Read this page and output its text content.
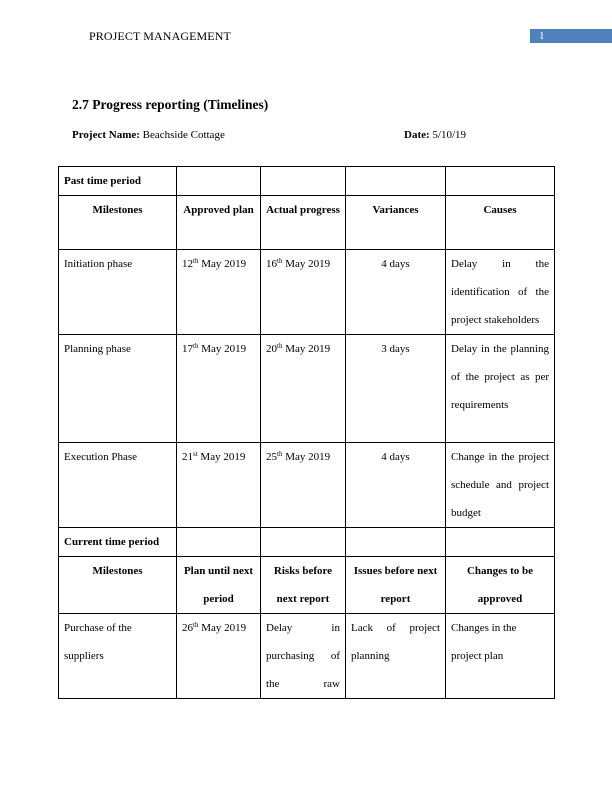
PROJECT MANAGEMENT	1
2.7 Progress reporting (Timelines)
Project Name: Beachside Cottage	Date: 5/10/19
Past time period				
Milestones	Approved plan	Actual progress	Variances	Causes
Initiation phase	12th May 2019	16th May 2019	4 days	Delay in the identification of the project stakeholders
Planning phase	17th May 2019	20th May 2019	3 days	Delay in the planning of the project as per requirements
Execution Phase	21st May 2019	25th May 2019	4 days	Change in the project schedule and project budget
Current time period				
Milestones	Plan until next period	Risks before next report	Issues before next report	Changes to be approved
Purchase of the suppliers	26th May 2019	Delay in purchasing of the raw	Lack of project planning	Changes in the project plan
